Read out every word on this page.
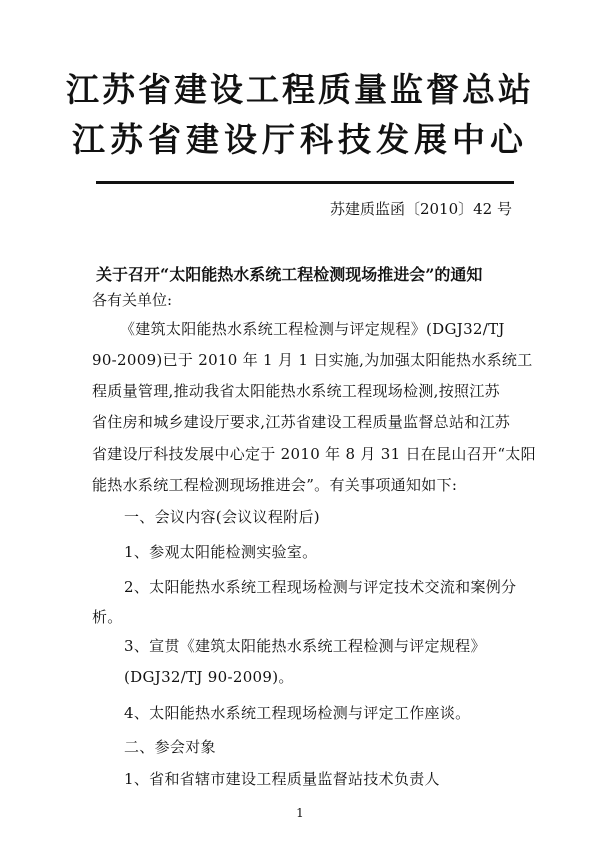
江苏省建设工程质量监督总站
江苏省建设厅科技发展中心
苏建质监函〔2010〕42 号
关于召开“太阳能热水系统工程检测现场推进会”的通知
各有关单位:
《建筑太阳能热水系统工程检测与评定规程》(DGJ32/TJ
90-2009)已于 2010 年 1 月 1 日实施,为加强太阳能热水系统工
程质量管理,推动我省太阳能热水系统工程现场检测,按照江苏
省住房和城乡建设厅要求,江苏省建设工程质量监督总站和江苏
省建设厅科技发展中心定于 2010 年 8 月 31 日在昆山召开“太阳
能热水系统工程检测现场推进会”。有关事项通知如下:
一、会议内容(会议议程附后)
1、参观太阳能检测实验室。
2、太阳能热水系统工程现场检测与评定技术交流和案例分
析。
3、宣贯《建筑太阳能热水系统工程检测与评定规程》
(DGJ32/TJ 90-2009)。
4、太阳能热水系统工程现场检测与评定工作座谈。
二、参会对象
1、省和省辖市建设工程质量监督站技术负责人
1
